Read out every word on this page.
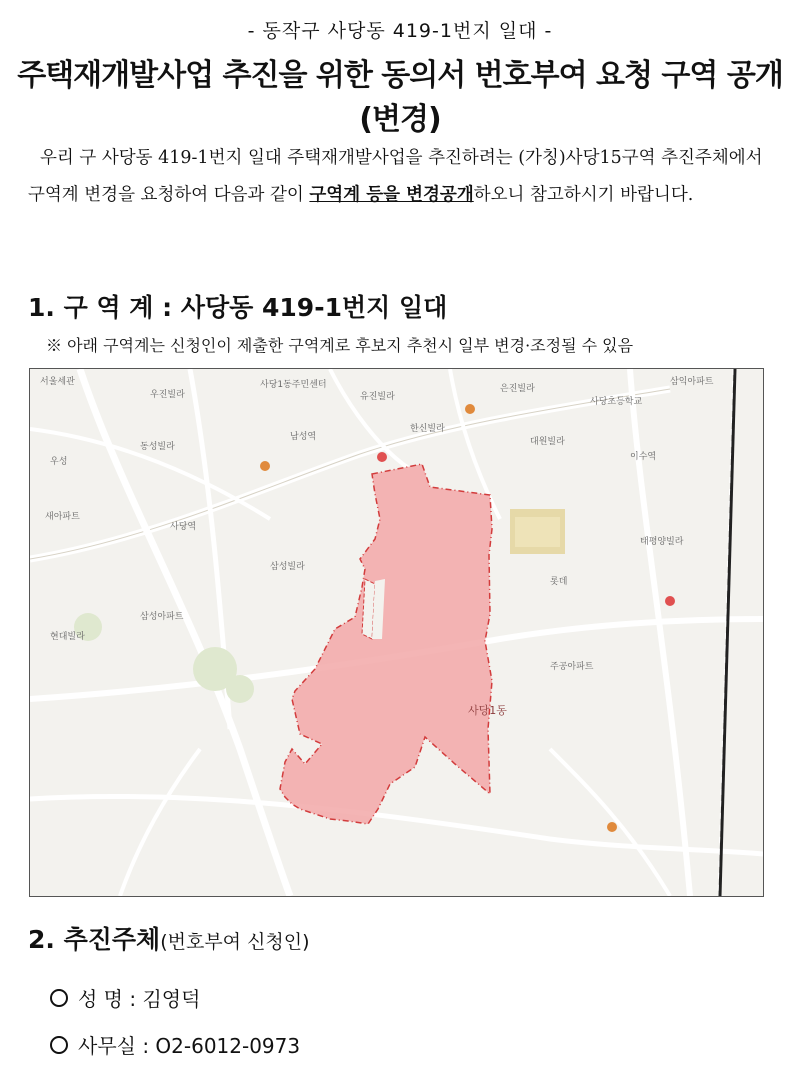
- 동작구 사당동 419-1번지 일대 -
주택재개발사업 추진을 위한 동의서 번호부여 요청 구역 공개(변경)
우리 구 사당동 419-1번지 일대 주택재개발사업을 추진하려는 (가칭)사당15구역 추진주체에서 구역계 변경을 요청하여 다음과 같이 구역계 등을 변경공개하오니 참고하시기 바랍니다.
1. 구 역 계 : 사당동 419-1번지 일대
※ 아래 구역계는 신청인이 제출한 구역계로 후보지 추천시 일부 변경·조정될 수 있음
사당1동
서울세관
우진빌라
사당1동주민센터
유진빌라
은진빌라
사당초등학교
삼익아파트
우성
동성빌라
남성역
한신빌라
대원빌라
이수역
새아파트
사당역
삼성빌라
롯데
태평양빌라
현대빌라
삼성아파트
주공아파트
2. 추진주체(번호부여 신청인)
성 명 : 김영덕
사무실 : O2-6012-0973
